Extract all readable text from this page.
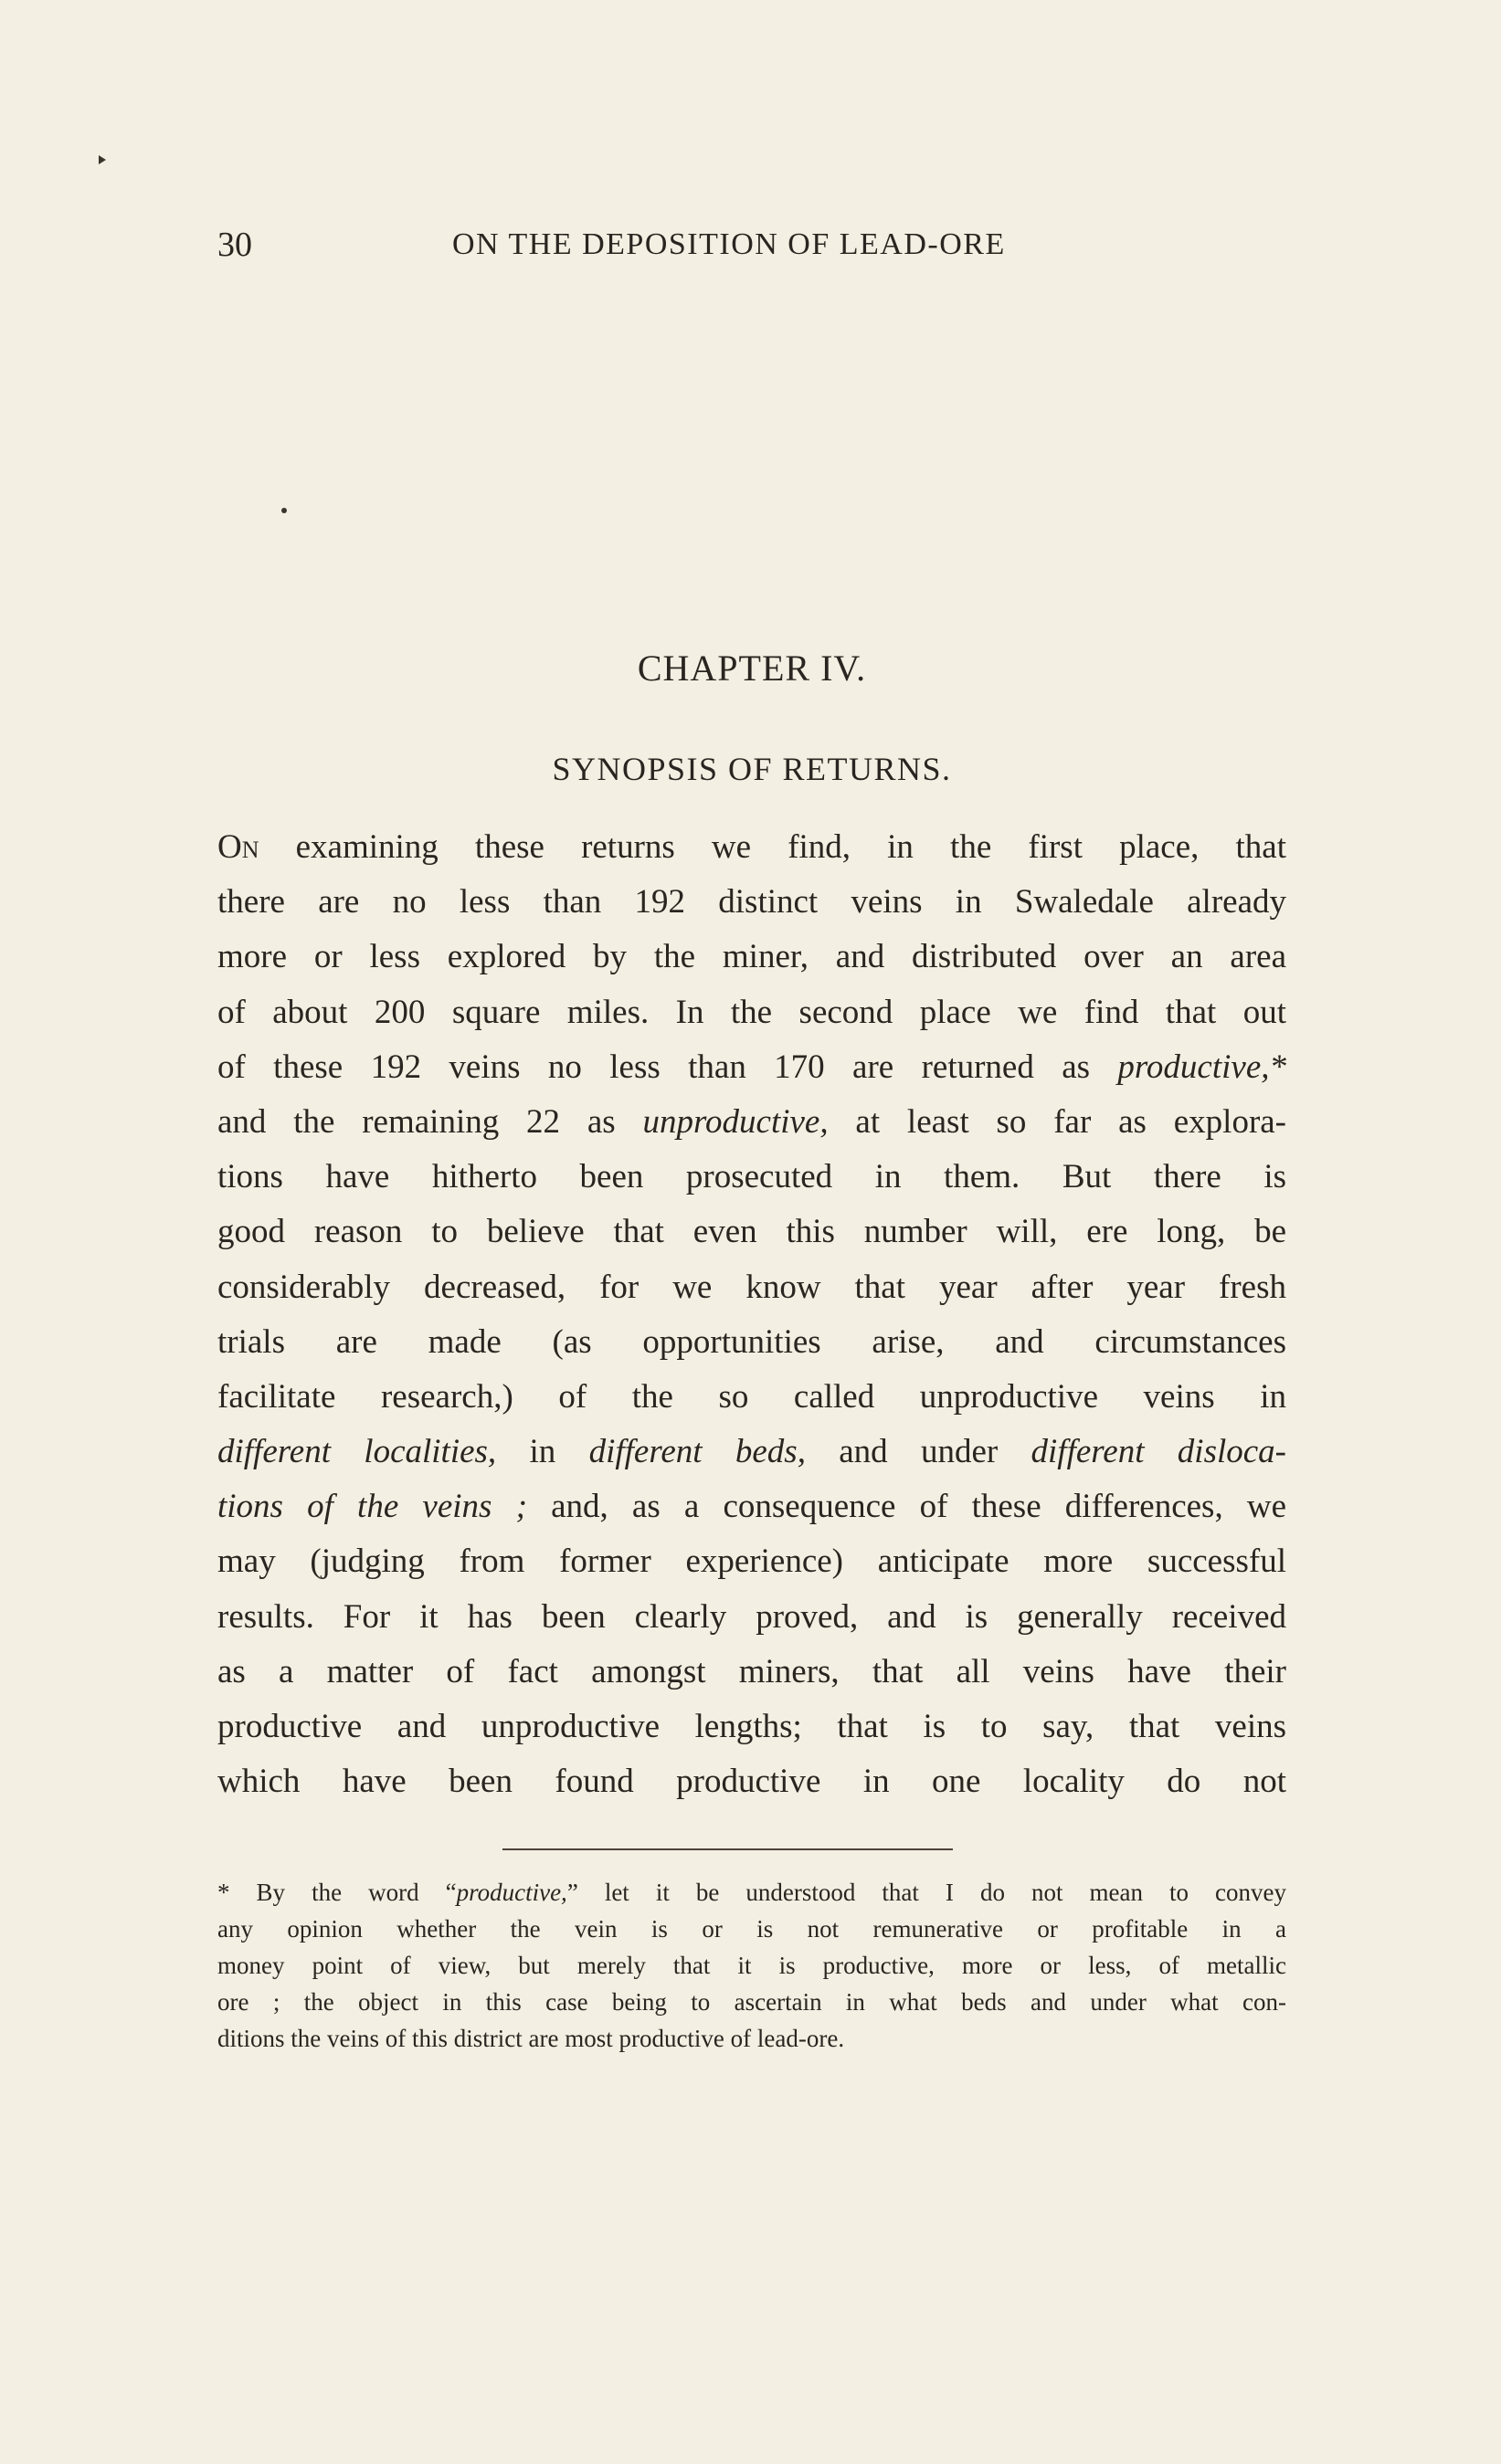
30	ON THE DEPOSITION OF LEAD-ORE
CHAPTER IV.
SYNOPSIS OF RETURNS.
On examining these returns we find, in the first place, that
there are no less than 192 distinct veins in Swaledale already
more or less explored by the miner, and distributed over an area
of about 200 square miles. In the second place we find that out
of these 192 veins no less than 170 are returned as productive,*
and the remaining 22 as unproductive, at least so far as explora-
tions have hitherto been prosecuted in them. But there is
good reason to believe that even this number will, ere long, be
considerably decreased, for we know that year after year fresh
trials are made (as opportunities arise, and circumstances
facilitate research,) of the so called unproductive veins in
different localities, in different beds, and under different disloca-
tions of the veins ; and, as a consequence of these differences, we
may (judging from former experience) anticipate more successful
results. For it has been clearly proved, and is generally received
as a matter of fact amongst miners, that all veins have their
productive and unproductive lengths; that is to say, that veins
which have been found productive in one locality do not
* By the word “productive,” let it be understood that I do not mean to convey
any opinion whether the vein is or is not remunerative or profitable in a
money point of view, but merely that it is productive, more or less, of metallic
ore ; the object in this case being to ascertain in what beds and under what con-
ditions the veins of this district are most productive of lead-ore.
